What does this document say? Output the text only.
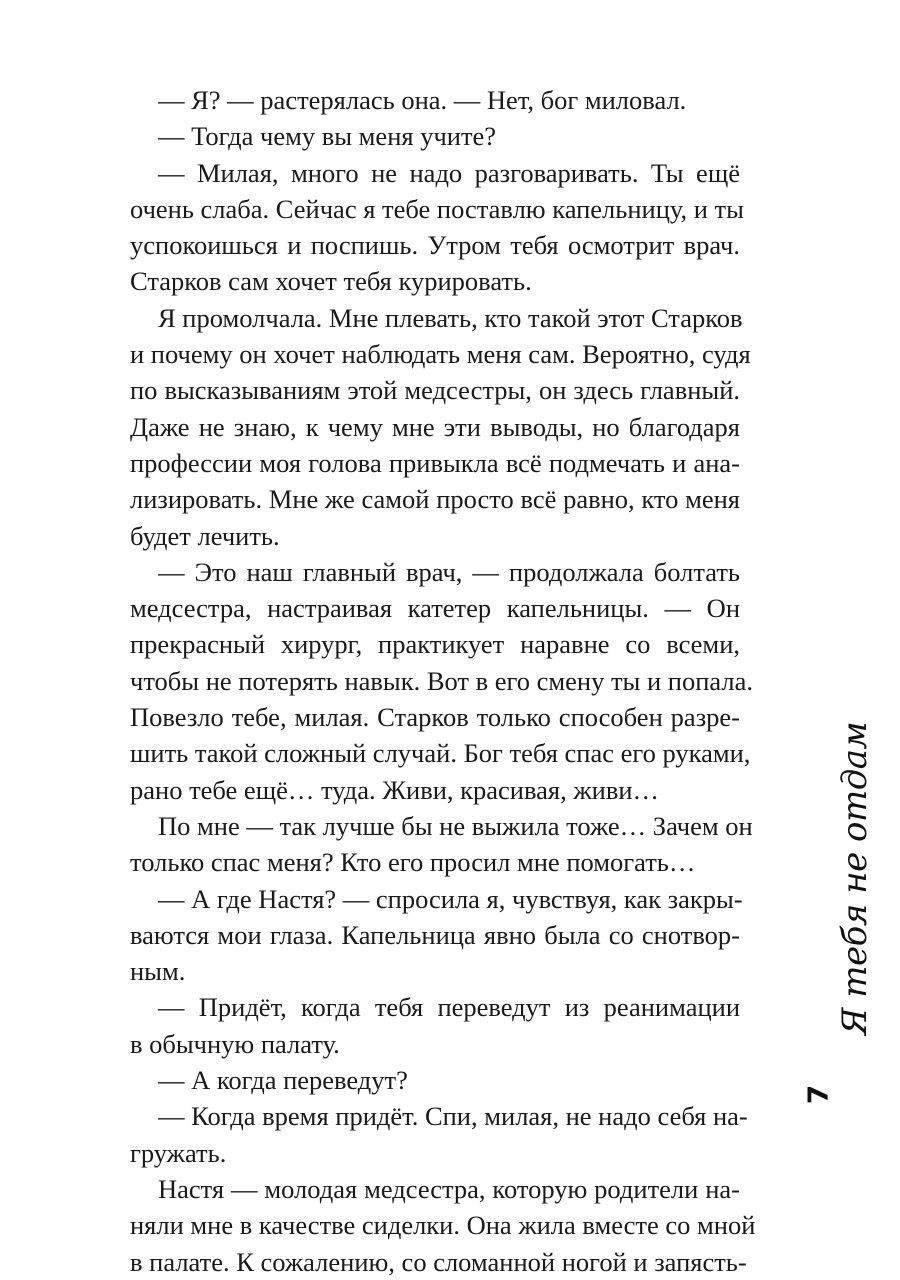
— Я? — растерялась она. — Нет, бог миловал.
— Тогда чему вы меня учите?
— Милая, много не надо разговаривать. Ты ещё
очень слаба. Сейчас я тебе поставлю капельницу, и ты
успокоишься и поспишь. Утром тебя осмотрит врач.
Старков сам хочет тебя курировать.
Я промолчала. Мне плевать, кто такой этот Старков
и почему он хочет наблюдать меня сам. Вероятно, судя
по высказываниям этой медсестры, он здесь главный.
Даже не знаю, к чему мне эти выводы, но благодаря
профессии моя голова привыкла всё подмечать и ана-
лизировать. Мне же самой просто всё равно, кто меня
будет лечить.
— Это наш главный врач, — продолжала болтать
медсестра, настраивая катетер капельницы. — Он
прекрасный хирург, практикует наравне со всеми,
чтобы не потерять навык. Вот в его смену ты и попала.
Повезло тебе, милая. Старков только способен разре-
шить такой сложный случай. Бог тебя спас его руками,
рано тебе ещё… туда. Живи, красивая, живи…
По мне — так лучше бы не выжила тоже… Зачем он
только спас меня? Кто его просил мне помогать…
— А где Настя? — спросила я, чувствуя, как закры-
ваются мои глаза. Капельница явно была со снотвор-
ным.
— Придёт, когда тебя переведут из реанимации
в обычную палату.
— А когда переведут?
— Когда время придёт. Спи, милая, не надо себя на-
гружать.
Настя — молодая медсестра, которую родители на-
няли мне в качестве сиделки. Она жила вместе со мной
в палате. К сожалению, со сломанной ногой и запясть-
Я тебя не отдам
7
